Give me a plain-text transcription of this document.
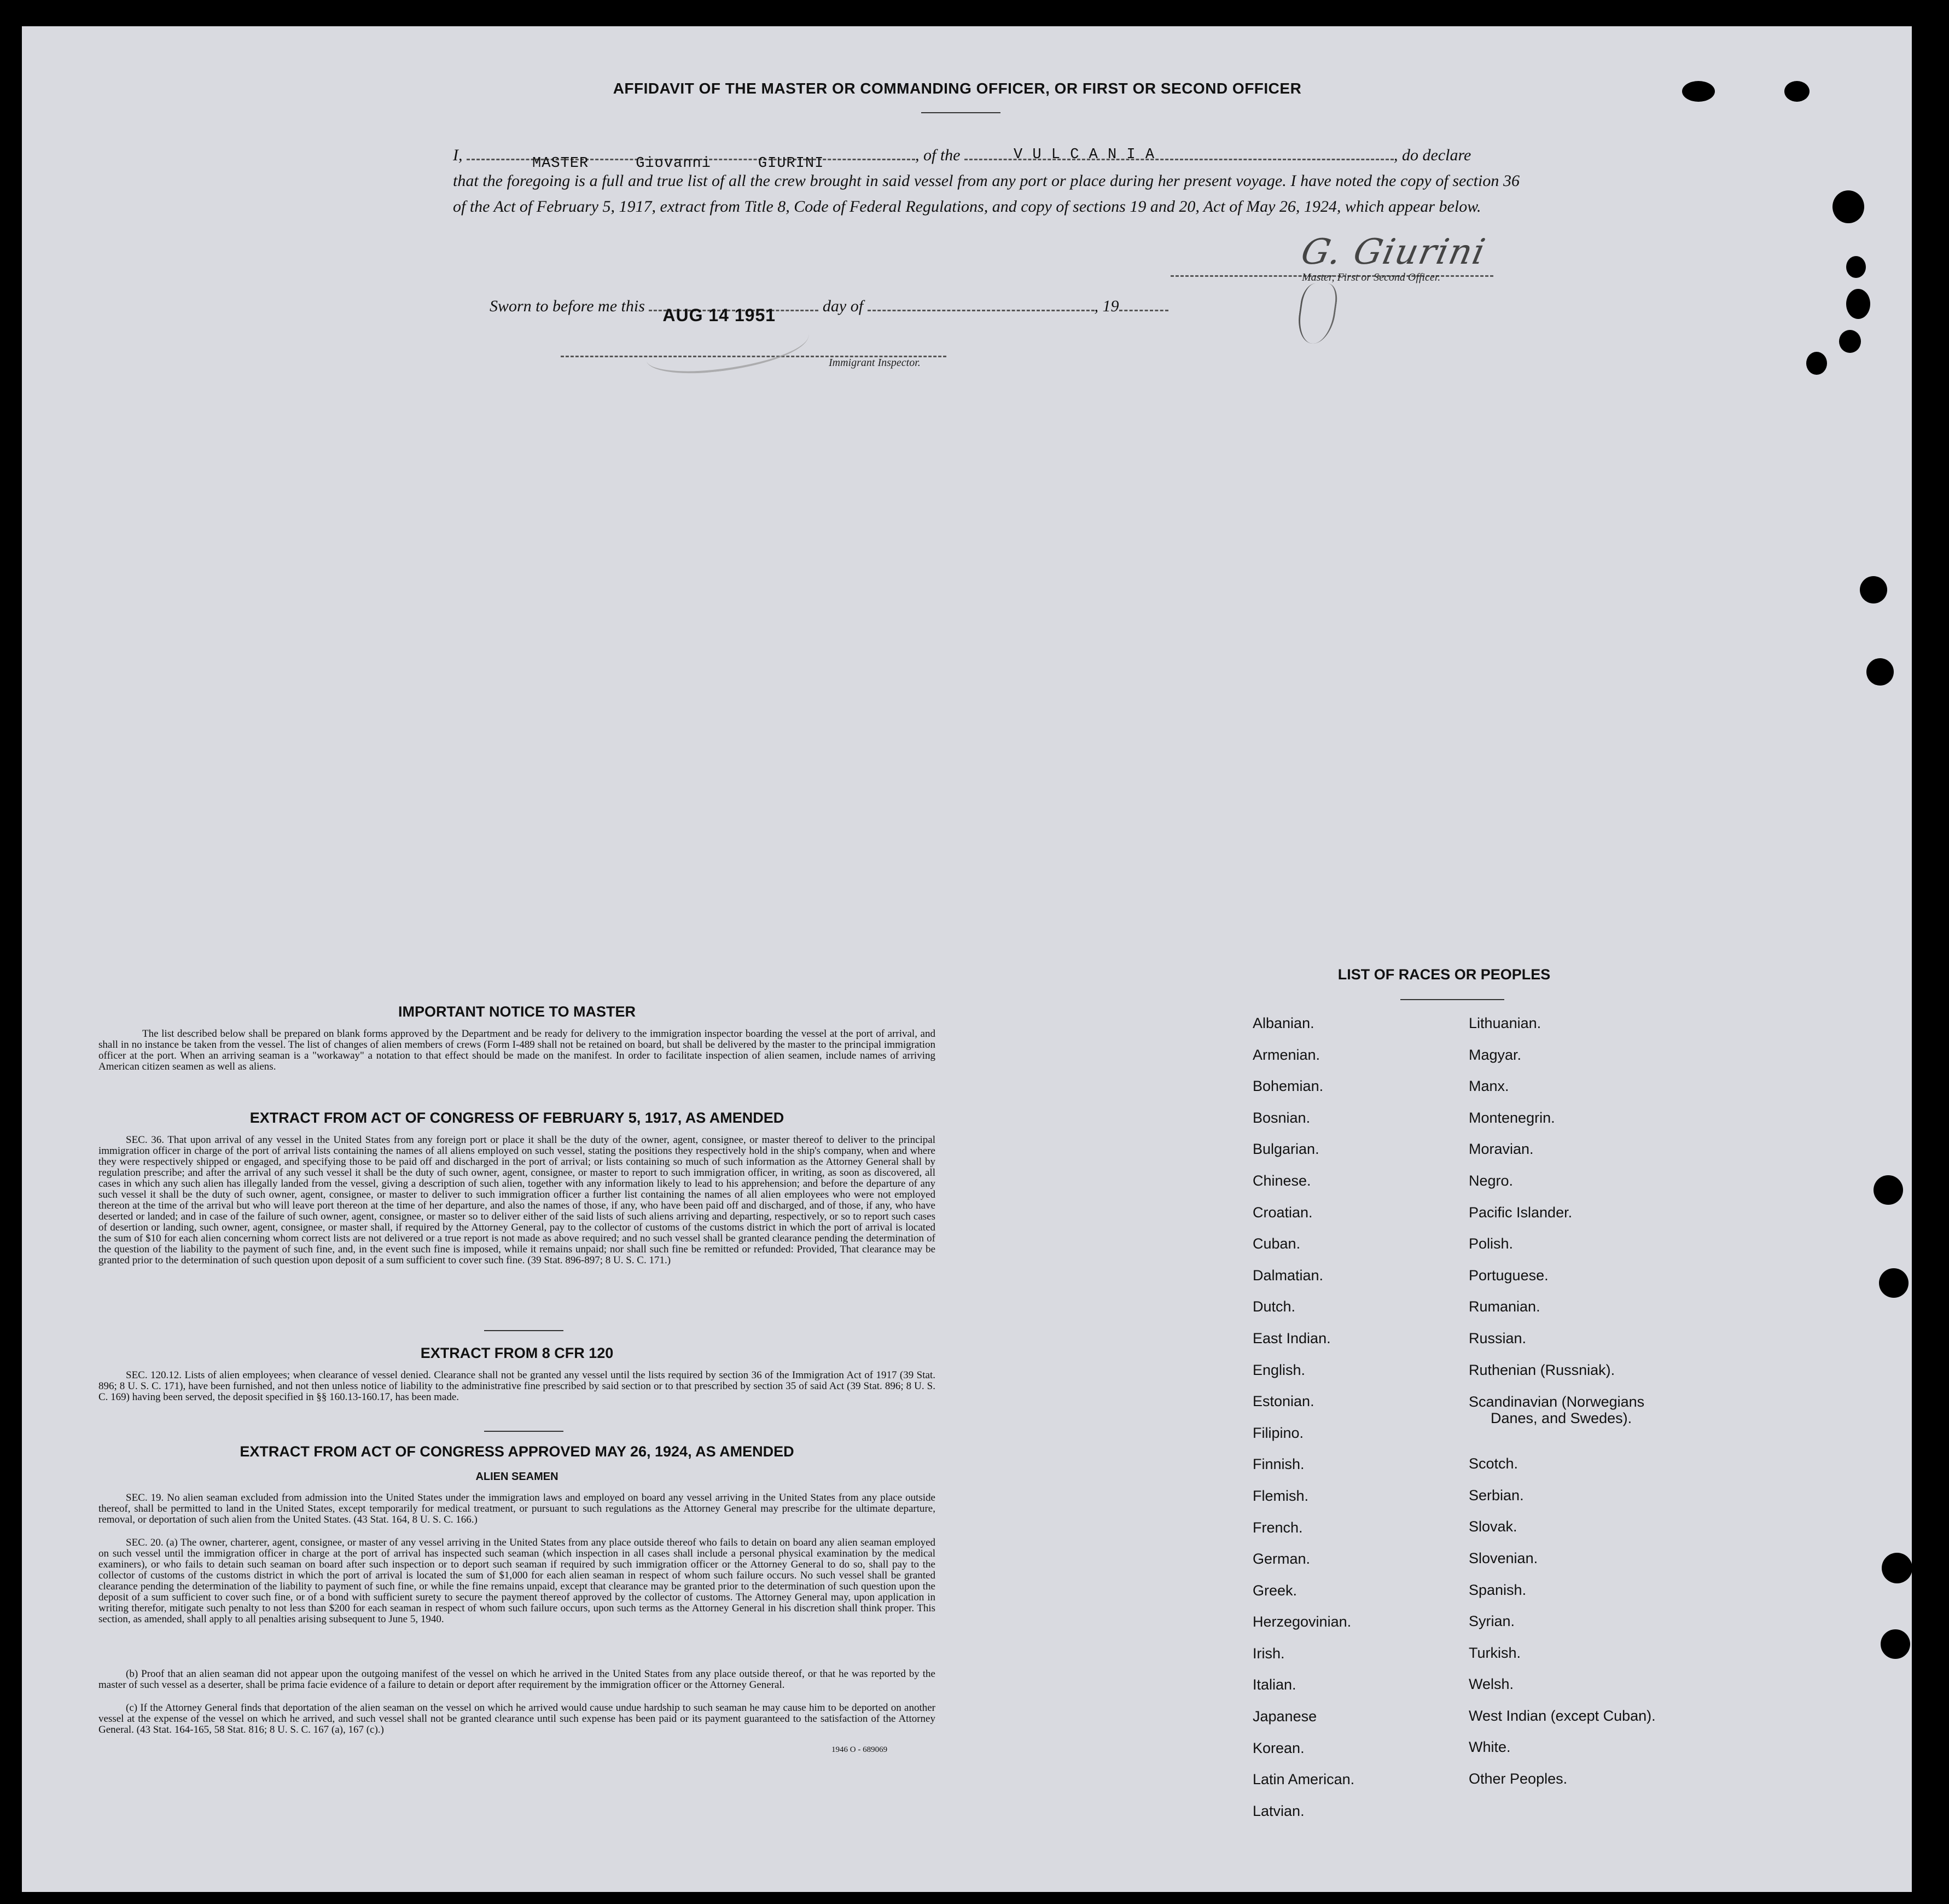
AFFIDAVIT OF THE MASTER OR COMMANDING OFFICER, OR FIRST OR SECOND OFFICER
I,	MASTER     Giovanni     GIURINI	, of the	V U L C A N I A	, do declare
that the foregoing is a full and true list of all the crew brought in said vessel from any port or place during her present voyage. I have noted the copy of section 36 of the Act of February 5, 1917, extract from Title 8, Code of Federal Regulations, and copy of sections 19 and 20, Act of May 26, 1924, which appear below.
G. Giurini
Master, First or Second Officer.
Sworn to before me this AUG 14 1951	day of	, 19
Immigrant Inspector.
IMPORTANT NOTICE TO MASTER
The list described below shall be prepared on blank forms approved by the Department and be ready for delivery to the immigration inspector boarding the vessel at the port of arrival, and shall in no instance be taken from the vessel. The list of changes of alien members of crews (Form I-489 shall not be retained on board, but shall be delivered by the master to the principal immigration officer at the port. When an arriving seaman is a "workaway" a notation to that effect should be made on the manifest. In order to facilitate inspection of alien seamen, include names of arriving American citizen seamen as well as aliens.
EXTRACT FROM ACT OF CONGRESS OF FEBRUARY 5, 1917, AS AMENDED
SEC. 36. That upon arrival of any vessel in the United States from any foreign port or place it shall be the duty of the owner, agent, consignee, or master thereof to deliver to the principal immigration officer in charge of the port of arrival lists containing the names of all aliens employed on such vessel, stating the positions they respectively hold in the ship's company, when and where they were respectively shipped or engaged, and specifying those to be paid off and discharged in the port of arrival; or lists containing so much of such information as the Attorney General shall by regulation prescribe; and after the arrival of any such vessel it shall be the duty of such owner, agent, consignee, or master to report to such immigration officer, in writing, as soon as discovered, all cases in which any such alien has illegally landed from the vessel, giving a description of such alien, together with any information likely to lead to his apprehension; and before the departure of any such vessel it shall be the duty of such owner, agent, consignee, or master to deliver to such immigration officer a further list containing the names of all alien employees who were not employed thereon at the time of the arrival but who will leave port thereon at the time of her departure, and also the names of those, if any, who have been paid off and discharged, and of those, if any, who have deserted or landed; and in case of the failure of such owner, agent, consignee, or master so to deliver either of the said lists of such aliens arriving and departing, respectively, or so to report such cases of desertion or landing, such owner, agent, consignee, or master shall, if required by the Attorney General, pay to the collector of customs of the customs district in which the port of arrival is located the sum of $10 for each alien concerning whom correct lists are not delivered or a true report is not made as above required; and no such vessel shall be granted clearance pending the determination of the question of the liability to the payment of such fine, and, in the event such fine is imposed, while it remains unpaid; nor shall such fine be remitted or refunded: Provided, That clearance may be granted prior to the determination of such question upon deposit of a sum sufficient to cover such fine. (39 Stat. 896-897; 8 U. S. C. 171.)
EXTRACT FROM 8 CFR 120
SEC. 120.12. Lists of alien employees; when clearance of vessel denied. Clearance shall not be granted any vessel until the lists required by section 36 of the Immigration Act of 1917 (39 Stat. 896; 8 U. S. C. 171), have been furnished, and not then unless notice of liability to the administrative fine prescribed by said section or to that prescribed by section 35 of said Act (39 Stat. 896; 8 U. S. C. 169) having been served, the deposit specified in §§ 160.13-160.17, has been made.
EXTRACT FROM ACT OF CONGRESS APPROVED MAY 26, 1924, AS AMENDED
ALIEN SEAMEN
SEC. 19. No alien seaman excluded from admission into the United States under the immigration laws and employed on board any vessel arriving in the United States from any place outside thereof, shall be permitted to land in the United States, except temporarily for medical treatment, or pursuant to such regulations as the Attorney General may prescribe for the ultimate departure, removal, or deportation of such alien from the United States. (43 Stat. 164, 8 U. S. C. 166.)
SEC. 20. (a) The owner, charterer, agent, consignee, or master of any vessel arriving in the United States from any place outside thereof who fails to detain on board any alien seaman employed on such vessel until the immigration officer in charge at the port of arrival has inspected such seaman (which inspection in all cases shall include a personal physical examination by the medical examiners), or who fails to detain such seaman on board after such inspection or to deport such seaman if required by such immigration officer or the Attorney General to do so, shall pay to the collector of customs of the customs district in which the port of arrival is located the sum of $1,000 for each alien seaman in respect of whom such failure occurs. No such vessel shall be granted clearance pending the determination of the liability to payment of such fine, or while the fine remains unpaid, except that clearance may be granted prior to the determination of such question upon the deposit of a sum sufficient to cover such fine, or of a bond with sufficient surety to secure the payment thereof approved by the collector of customs. The Attorney General may, upon application in writing therefor, mitigate such penalty to not less than $200 for each seaman in respect of whom such failure occurs, upon such terms as the Attorney General in his discretion shall think proper. This section, as amended, shall apply to all penalties arising subsequent to June 5, 1940.
(b) Proof that an alien seaman did not appear upon the outgoing manifest of the vessel on which he arrived in the United States from any place outside thereof, or that he was reported by the master of such vessel as a deserter, shall be prima facie evidence of a failure to detain or deport after requirement by the immigration officer or the Attorney General.
(c) If the Attorney General finds that deportation of the alien seaman on the vessel on which he arrived would cause undue hardship to such seaman he may cause him to be deported on another vessel at the expense of the vessel on which he arrived, and such vessel shall not be granted clearance until such expense has been paid or its payment guaranteed to the satisfaction of the Attorney General. (43 Stat. 164-165, 58 Stat. 816; 8 U. S. C. 167 (a), 167 (c).)
1946 O - 689069
LIST OF RACES OR PEOPLES
Albanian.
Armenian.
Bohemian.
Bosnian.
Bulgarian.
Chinese.
Croatian.
Cuban.
Dalmatian.
Dutch.
East Indian.
English.
Estonian.
Filipino.
Finnish.
Flemish.
French.
German.
Greek.
Herzegovinian.
Irish.
Italian.
Japanese
Korean.
Latin American.
Latvian.
Lithuanian.
Magyar.
Manx.
Montenegrin.
Moravian.
Negro.
Pacific Islander.
Polish.
Portuguese.
Rumanian.
Russian.
Ruthenian (Russniak).
Scandinavian (Norwegians
Danes, and Swedes).
Scotch.
Serbian.
Slovak.
Slovenian.
Spanish.
Syrian.
Turkish.
Welsh.
West Indian (except Cuban).
White.
Other Peoples.
